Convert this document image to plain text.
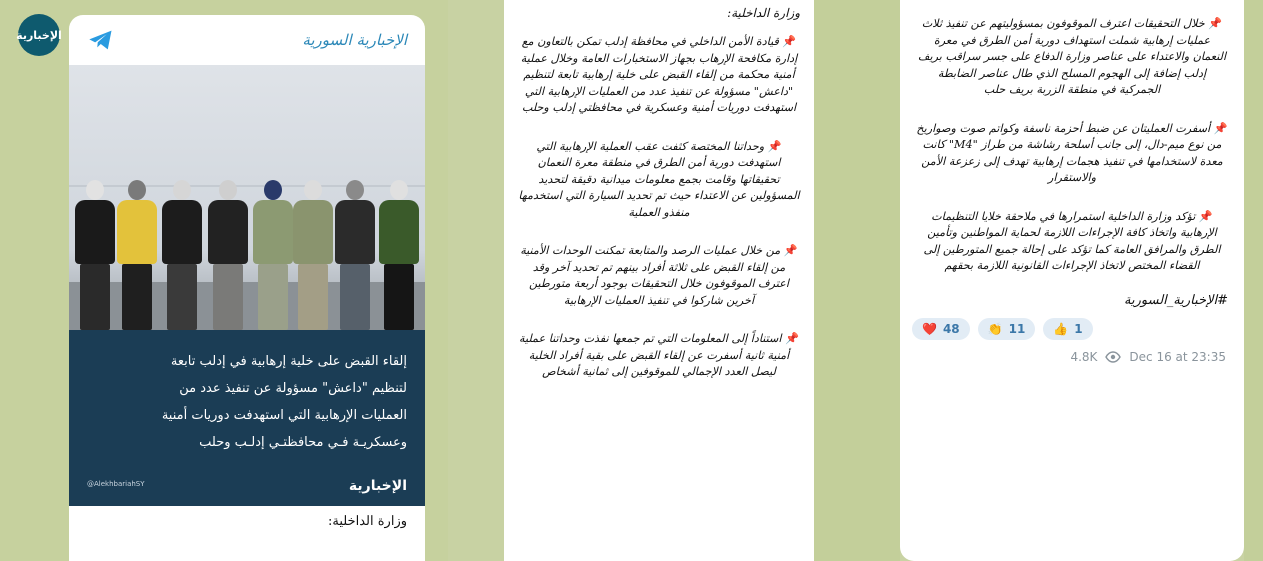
الإخبارية	الإخبارية السورية
إلقاء القبض على خلية إرهابية في إدلب تابعة
لتنظيم "داعش" مسؤولة عن تنفيذ عدد من
العمليات الإرهابية التي استهدفت دوريات أمنية
وعسكريـة فـي محافظتـي إدلـب وحلب
@AlekhbariahSY	الإخبارية
وزارة الداخلية:
وزارة الداخلية:

📌 قيادة الأمن الداخلي في محافظة إدلب تمكن بالتعاون مع إدارة مكافحة الإرهاب بجهاز الاستخبارات العامة وخلال عملية أمنية محكمة من إلقاء القبض على خلية إرهابية تابعة لتنظيم "داعش" مسؤولة عن تنفيذ عدد من العمليات الإرهابية التي استهدفت دوريات أمنية وعسكرية في محافظتي إدلب وحلب

📌 وحداتنا المختصة كثفت عقب العملية الإرهابية التي استهدفت دورية أمن الطرق في منطقة معرة النعمان تحقيقاتها وقامت بجمع معلومات ميدانية دقيقة لتحديد المسؤولين عن الاعتداء حيث تم تحديد السيارة التي استخدمها منفذو العملية

📌 من خلال عمليات الرصد والمتابعة تمكنت الوحدات الأمنية من إلقاء القبض على ثلاثة أفراد بينهم تم تحديد آخر وقد اعترف الموقوفون خلال التحقيقات بوجود أربعة متورطين آخرين شاركوا في تنفيذ العمليات الإرهابية

📌 استناداً إلى المعلومات التي تم جمعها نفذت وحداتنا عملية أمنية ثانية أسفرت عن إلقاء القبض على بقية أفراد الخلية ليصل العدد الإجمالي للموقوفين إلى ثمانية أشخاص

📌 خلال التحقيقات اعترف الموقوفون بمسؤوليتهم عن تنفيذ ثلاث عمليات إرهابية شملت استهداف دورية أمن الطرق في معرة النعمان والاعتداء على عناصر وزارة الدفاع على جسر سراقب بريف إدلب إضافة إلى الهجوم المسلح الذي طال عناصر الضابطة الجمركية في منطقة الزربة بريف حلب

📌 أسفرت العمليتان عن ضبط أحزمة ناسفة وكواتم صوت وصواريخ من نوع ميم-دال، إلى جانب أسلحة رشاشة من طراز "M4" كانت معدة لاستخدامها في تنفيذ هجمات إرهابية تهدف إلى زعزعة الأمن والاستقرار

📌 تؤكد وزارة الداخلية استمرارها في ملاحقة خلايا التنظيمات الإرهابية واتخاذ كافة الإجراءات اللازمة لحماية المواطنين وتأمين الطرق والمرافق العامة كما تؤكد على إحالة جميع المتورطين إلى القضاء المختص لاتخاذ الإجراءات القانونية اللازمة بحقهم

#الإخبارية_السورية
❤️ 48 👏 11 👍 1
4.8K	Dec 16 at 23:35
